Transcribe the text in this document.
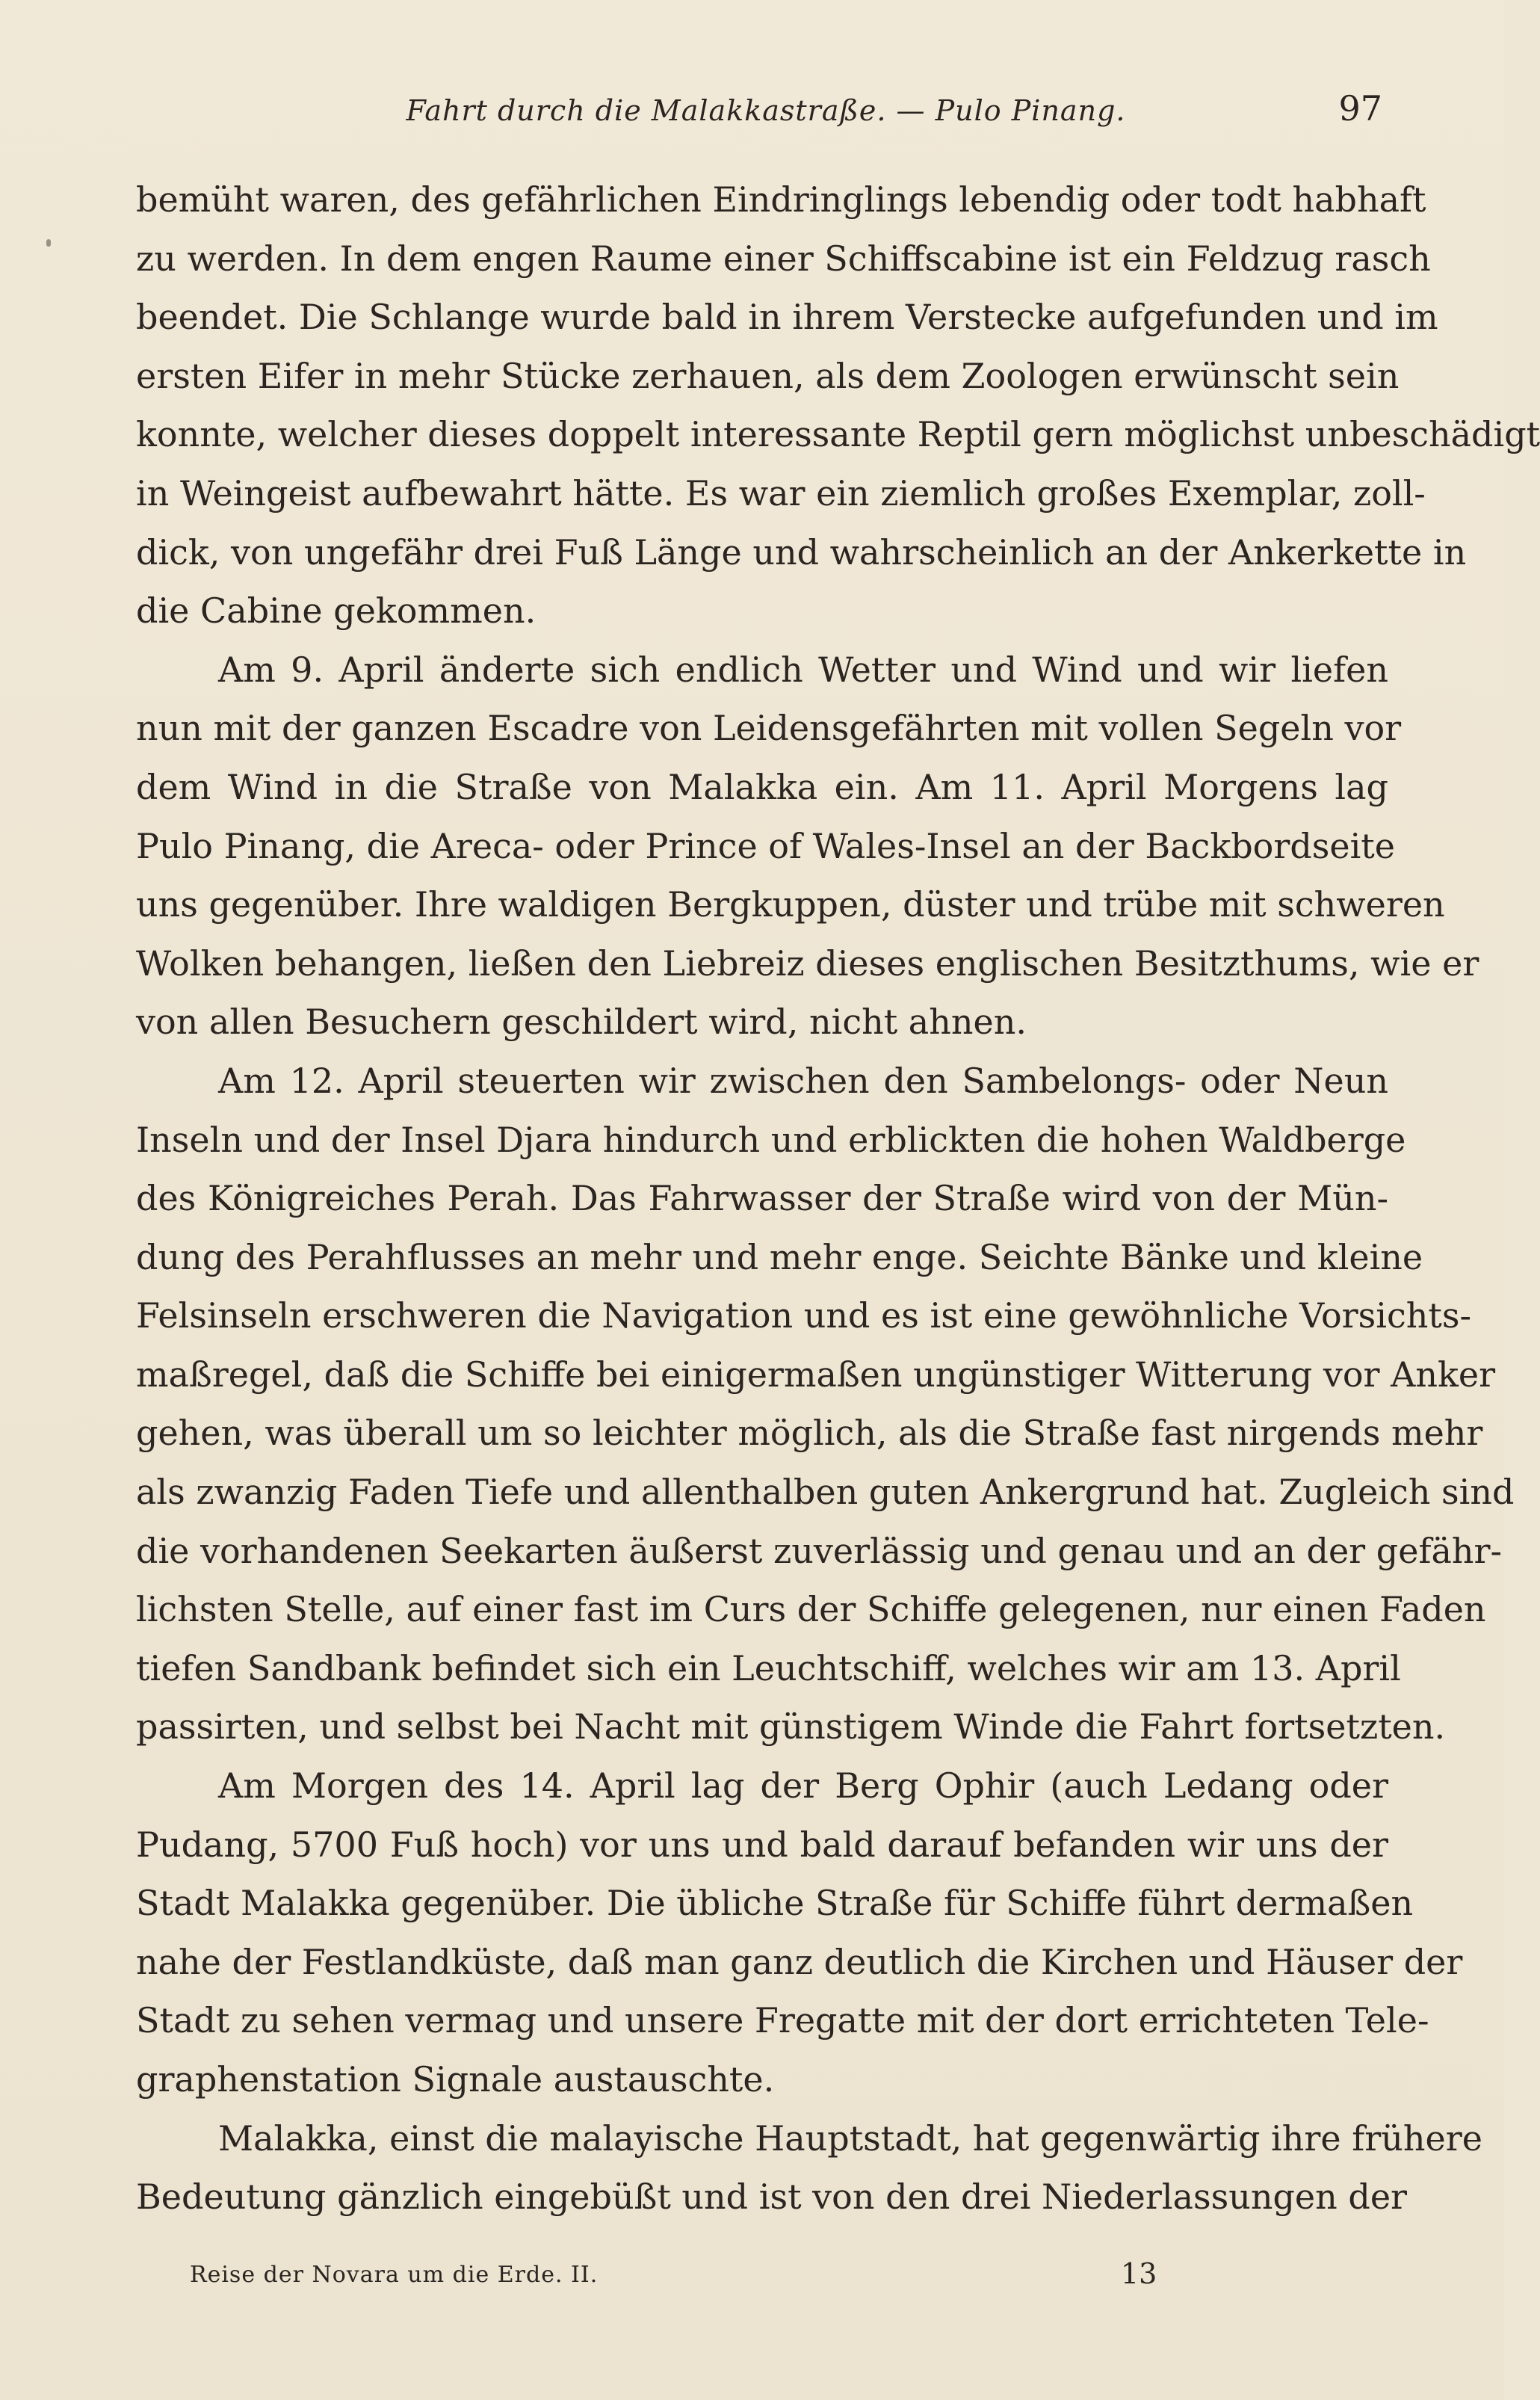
Fahrt durch die Malakkastraße. — Pulo Pinang.	97
bemüht waren, des gefährlichen Eindringlings lebendig oder todt habhaft
zu werden. In dem engen Raume einer Schiffscabine ist ein Feldzug rasch
beendet. Die Schlange wurde bald in ihrem Verstecke aufgefunden und im
ersten Eifer in mehr Stücke zerhauen, als dem Zoologen erwünscht sein
konnte, welcher dieses doppelt interessante Reptil gern möglichst unbeschädigt
in Weingeist aufbewahrt hätte. Es war ein ziemlich großes Exemplar, zoll-
dick, von ungefähr drei Fuß Länge und wahrscheinlich an der Ankerkette in
die Cabine gekommen.
Am 9. April änderte sich endlich Wetter und Wind und wir liefen
nun mit der ganzen Escadre von Leidensgefährten mit vollen Segeln vor
dem Wind in die Straße von Malakka ein. Am 11. April Morgens lag
Pulo Pinang, die Areca- oder Prince of Wales-Insel an der Backbordseite
uns gegenüber. Ihre waldigen Bergkuppen, düster und trübe mit schweren
Wolken behangen, ließen den Liebreiz dieses englischen Besitzthums, wie er
von allen Besuchern geschildert wird, nicht ahnen.
Am 12. April steuerten wir zwischen den Sambelongs- oder Neun
Inseln und der Insel Djara hindurch und erblickten die hohen Waldberge
des Königreiches Perah. Das Fahrwasser der Straße wird von der Mün-
dung des Perahflusses an mehr und mehr enge. Seichte Bänke und kleine
Felsinseln erschweren die Navigation und es ist eine gewöhnliche Vorsichts-
maßregel, daß die Schiffe bei einigermaßen ungünstiger Witterung vor Anker
gehen, was überall um so leichter möglich, als die Straße fast nirgends mehr
als zwanzig Faden Tiefe und allenthalben guten Ankergrund hat. Zugleich sind
die vorhandenen Seekarten äußerst zuverlässig und genau und an der gefähr-
lichsten Stelle, auf einer fast im Curs der Schiffe gelegenen, nur einen Faden
tiefen Sandbank befindet sich ein Leuchtschiff, welches wir am 13. April
passirten, und selbst bei Nacht mit günstigem Winde die Fahrt fortsetzten.
Am Morgen des 14. April lag der Berg Ophir (auch Ledang oder
Pudang, 5700 Fuß hoch) vor uns und bald darauf befanden wir uns der
Stadt Malakka gegenüber. Die übliche Straße für Schiffe führt dermaßen
nahe der Festlandküste, daß man ganz deutlich die Kirchen und Häuser der
Stadt zu sehen vermag und unsere Fregatte mit der dort errichteten Tele-
graphenstation Signale austauschte.
Malakka, einst die malayische Hauptstadt, hat gegenwärtig ihre frühere
Bedeutung gänzlich eingebüßt und ist von den drei Niederlassungen der
Reise der Novara um die Erde. II.	13
